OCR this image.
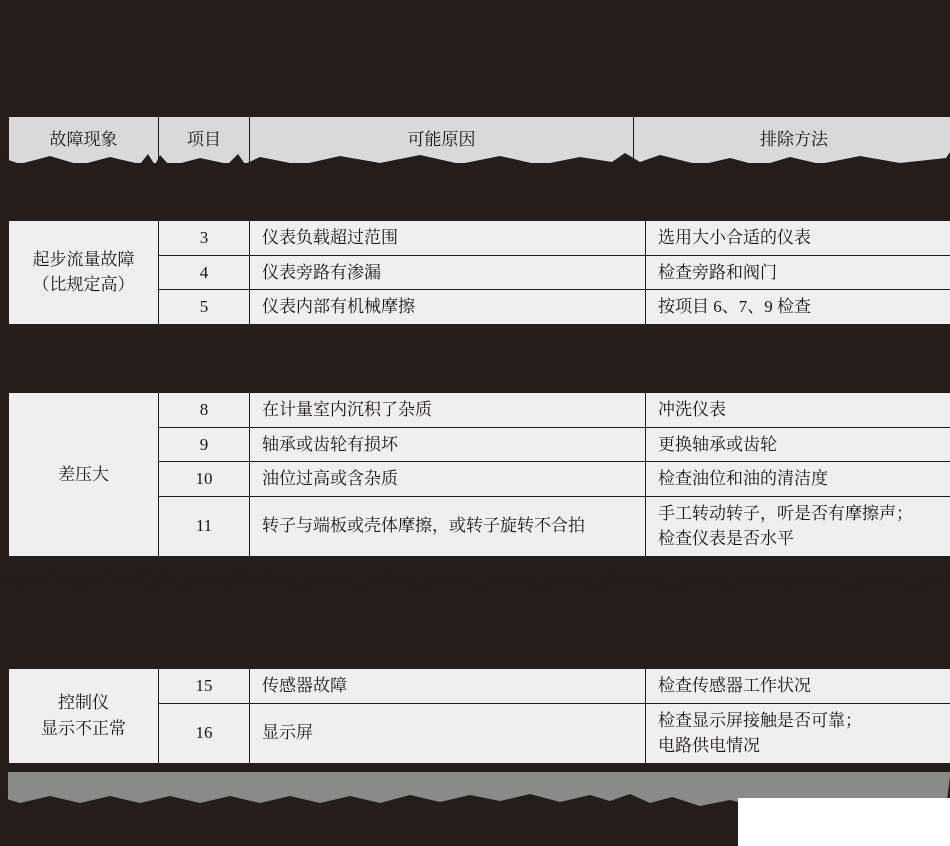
故障现象	项目	可能原因	排除方法
起步流量故障
（比规定高）	3	仪表负载超过范围	选用大小合适的仪表
	4	仪表旁路有渗漏	检查旁路和阀门
	5	仪表内部有机械摩擦	按项目 6、7、9 检查
差压大	8	在计量室内沉积了杂质	冲洗仪表
	9	轴承或齿轮有损坏	更换轴承或齿轮
	10	油位过高或含杂质	检查油位和油的清洁度
	11	转子与端板或壳体摩擦，或转子旋转不合拍	手工转动转子，听是否有摩擦声；
检查仪表是否水平
控制仪
显示不正常	15	传感器故障	检查传感器工作状况
	16	显示屏	检查显示屏接触是否可靠；
电路供电情况
